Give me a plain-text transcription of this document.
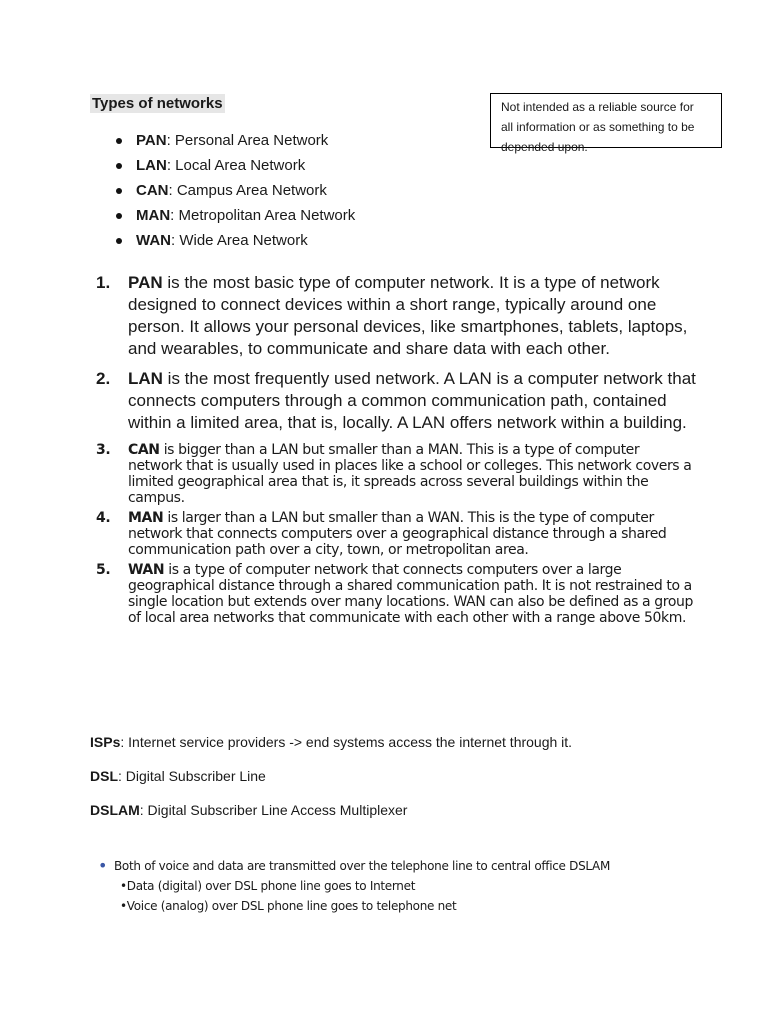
Types of networks	Not intended as a reliable source for
all information or as something to be
depended upon.
PAN: Personal Area Network
LAN: Local Area Network
CAN: Campus Area Network
MAN: Metropolitan Area Network
WAN: Wide Area Network
1. PAN is the most basic type of computer network. It is a type of network designed to connect devices within a short range, typically around one person. It allows your personal devices, like smartphones, tablets, laptops, and wearables, to communicate and share data with each other.
2. LAN is the most frequently used network. A LAN is a computer network that connects computers through a common communication path, contained within a limited area, that is, locally. A LAN offers network within a building.
3. CAN is bigger than a LAN but smaller than a MAN. This is a type of computer network that is usually used in places like a school or colleges. This network covers a limited geographical area that is, it spreads across several buildings within the campus.
4. MAN is larger than a LAN but smaller than a WAN. This is the type of computer network that connects computers over a geographical distance through a shared communication path over a city, town, or metropolitan area.
5. WAN is a type of computer network that connects computers over a large geographical distance through a shared communication path. It is not restrained to a single location but extends over many locations. WAN can also be defined as a group of local area networks that communicate with each other with a range above 50km.
ISPs: Internet service providers -> end systems access the internet through it.
DSL: Digital Subscriber Line
DSLAM: Digital Subscriber Line Access Multiplexer
• Both of voice and data are transmitted over the telephone line to central office DSLAM
•Data (digital) over DSL phone line goes to Internet
•Voice (analog) over DSL phone line goes to telephone net
